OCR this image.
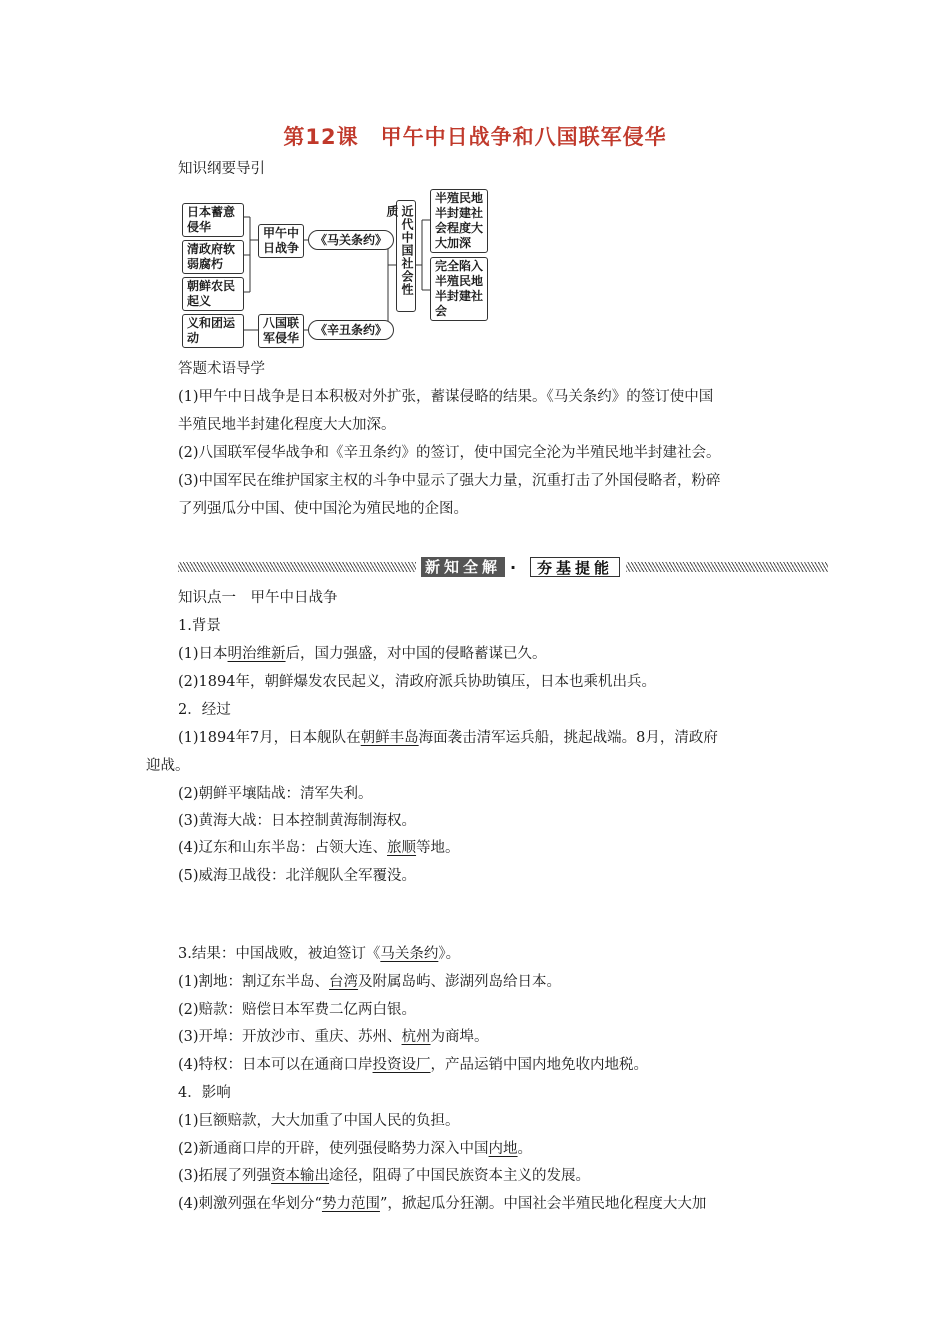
第12课　甲午中日战争和八国联军侵华
知识纲要导引
日本蓄意侵华
清政府软弱腐朽
朝鲜农民起义
义和团运动
甲午中日战争
八国联军侵华
《马关条约》
《辛丑条约》
近代中国社会性质
半殖民地半封建社会程度大大加深
完全陷入半殖民地半封建社会
答题术语导学
(1)甲午中日战争是日本积极对外扩张，蓄谋侵略的结果。《马关条约》的签订使中国
半殖民地半封建化程度大大加深。
(2)八国联军侵华战争和《辛丑条约》的签订，使中国完全沦为半殖民地半封建社会。
(3)中国军民在维护国家主权的斗争中显示了强大力量，沉重打击了外国侵略者，粉碎
了列强瓜分中国、使中国沦为殖民地的企图。
新知全解 ·	夯基提能
知识点一　甲午中日战争
1.背景
(1)日本明治维新后，国力强盛，对中国的侵略蓄谋已久。
(2)1894年，朝鲜爆发农民起义，清政府派兵协助镇压，日本也乘机出兵。
2．经过
(1)1894年7月，日本舰队在朝鲜丰岛海面袭击清军运兵船，挑起战端。8月，清政府
迎战。
(2)朝鲜平壤陆战：清军失利。
(3)黄海大战：日本控制黄海制海权。
(4)辽东和山东半岛：占领大连、旅顺等地。
(5)威海卫战役：北洋舰队全军覆没。
3.结果：中国战败，被迫签订《马关条约》。
(1)割地：割辽东半岛、台湾及附属岛屿、澎湖列岛给日本。
(2)赔款：赔偿日本军费二亿两白银。
(3)开埠：开放沙市、重庆、苏州、杭州为商埠。
(4)特权：日本可以在通商口岸投资设厂，产品运销中国内地免收内地税。
4．影响
(1)巨额赔款，大大加重了中国人民的负担。
(2)新通商口岸的开辟，使列强侵略势力深入中国内地。
(3)拓展了列强资本输出途径，阻碍了中国民族资本主义的发展。
(4)刺激列强在华划分“势力范围”，掀起瓜分狂潮。中国社会半殖民地化程度大大加
